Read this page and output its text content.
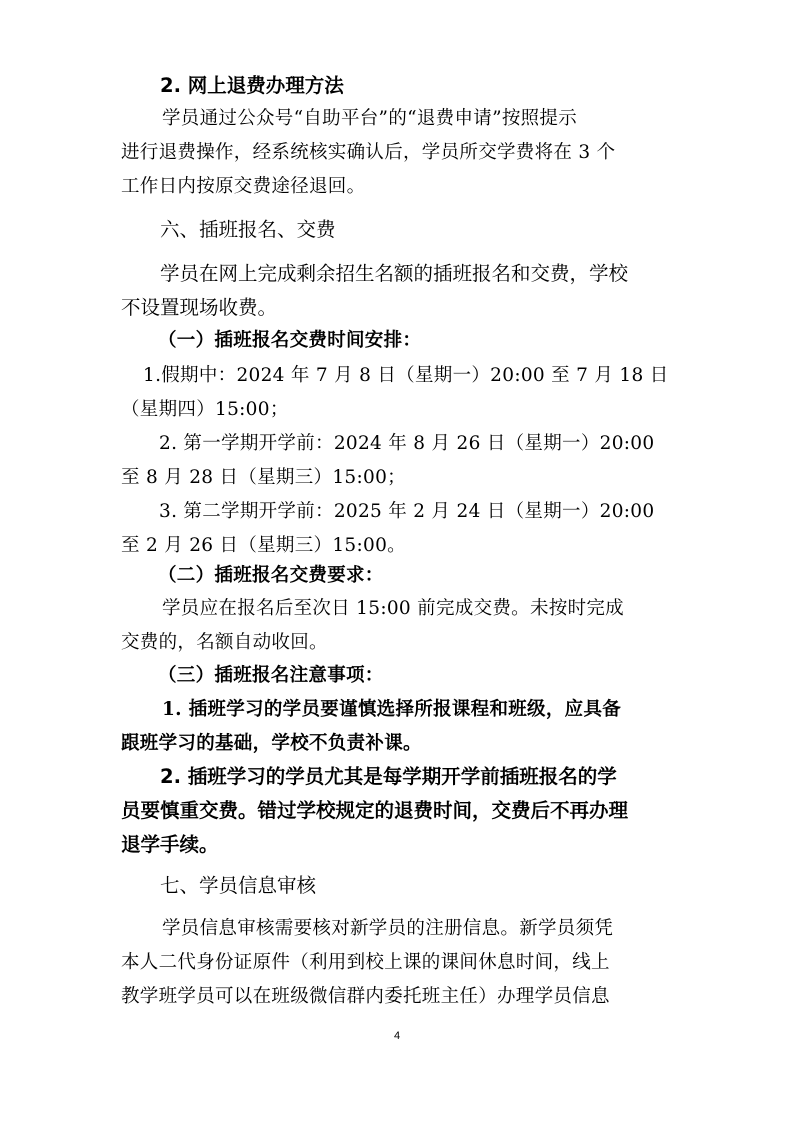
2. 网上退费办理方法

学员通过公众号“自助平台”的“退费申请”按照提示
进行退费操作，经系统核实确认后，学员所交学费将在 3 个
工作日内按原交费途径退回。

六、插班报名、交费

学员在网上完成剩余招生名额的插班报名和交费，学校
不设置现场收费。

（一）插班报名交费时间安排：

1.假期中：2024 年 7 月 8 日（星期一）20:00 至 7 月 18 日
（星期四）15:00；
2. 第一学期开学前：2024 年 8 月 26 日（星期一）20:00
至 8 月 28 日（星期三）15:00；
3. 第二学期开学前：2025 年 2 月 24 日（星期一）20:00
至 2 月 26 日（星期三）15:00。

（二）插班报名交费要求：

学员应在报名后至次日 15:00 前完成交费。未按时完成
交费的，名额自动收回。

（三）插班报名注意事项：

1. 插班学习的学员要谨慎选择所报课程和班级，应具备
跟班学习的基础，学校不负责补课。
2. 插班学习的学员尤其是每学期开学前插班报名的学
员要慎重交费。错过学校规定的退费时间，交费后不再办理
退学手续。

七、学员信息审核

学员信息审核需要核对新学员的注册信息。新学员须凭
本人二代身份证原件（利用到校上课的课间休息时间，线上
教学班学员可以在班级微信群内委托班主任）办理学员信息
4
